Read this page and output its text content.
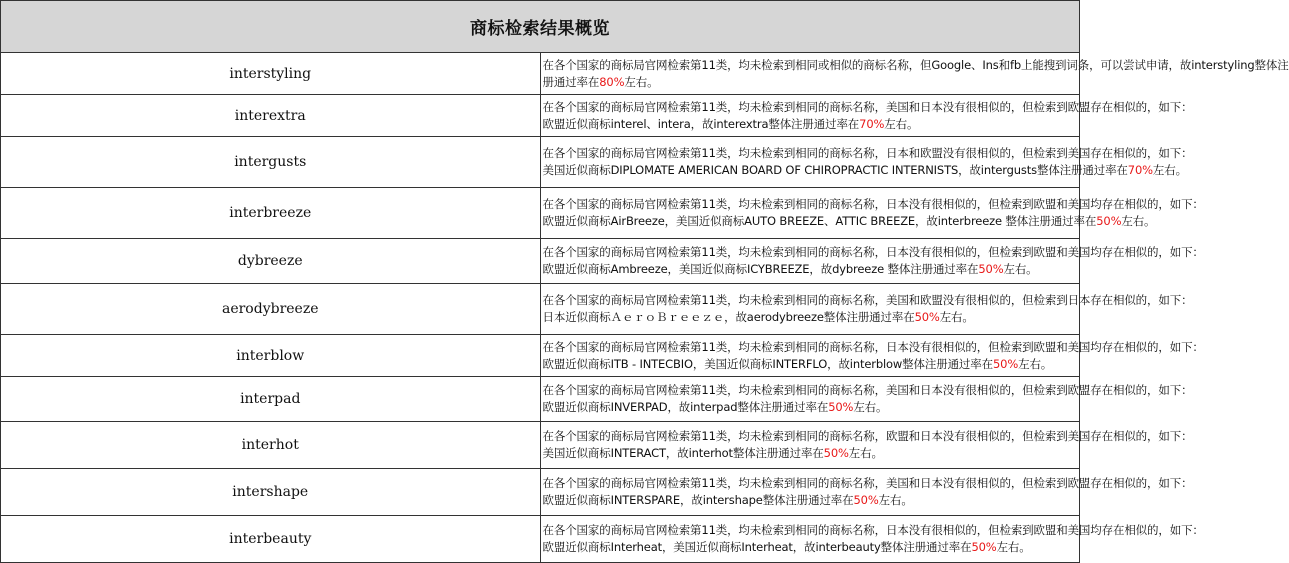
商标检索结果概览	
interstyling	在各个国家的商标局官网检索第11类，均未检索到相同或相似的商标名称，但Google、Ins和fb上能搜到词条，可以尝试申请，故interstyling整体注
册通过率在80%左右。

interextra	在各个国家的商标局官网检索第11类，均未检索到相同的商标名称，美国和日本没有很相似的，但检索到欧盟存在相似的，如下：
欧盟近似商标interel、intera，故interextra整体注册通过率在70%左右。

intergusts	在各个国家的商标局官网检索第11类，均未检索到相同的商标名称，日本和欧盟没有很相似的，但检索到美国存在相似的，如下：
美国近似商标DIPLOMATE AMERICAN BOARD OF CHIROPRACTIC INTERNISTS，故intergusts整体注册通过率在70%左右。

interbreeze	在各个国家的商标局官网检索第11类，均未检索到相同的商标名称，日本没有很相似的，但检索到欧盟和美国均存在相似的，如下：
欧盟近似商标AirBreeze，美国近似商标AUTO BREEZE、ATTIC BREEZE，故interbreeze 整体注册通过率在50%左右。

dybreeze	在各个国家的商标局官网检索第11类，均未检索到相同的商标名称，日本没有很相似的，但检索到欧盟和美国均存在相似的，如下：
欧盟近似商标Ambreeze，美国近似商标ICYBREEZE，故dybreeze 整体注册通过率在50%左右。

aerodybreeze	在各个国家的商标局官网检索第11类，均未检索到相同的商标名称，美国和欧盟没有很相似的，但检索到日本存在相似的，如下：
日本近似商标ＡｅｒｏＢｒｅｅｚｅ，故aerodybreeze整体注册通过率在50%左右。

interblow	在各个国家的商标局官网检索第11类，均未检索到相同的商标名称，日本没有很相似的，但检索到欧盟和美国均存在相似的，如下：
欧盟近似商标ITB - INTECBIO，美国近似商标INTERFLO，故interblow整体注册通过率在50%左右。

interpad	在各个国家的商标局官网检索第11类，均未检索到相同的商标名称，美国和日本没有很相似的，但检索到欧盟存在相似的，如下：
欧盟近似商标INVERPAD，故interpad整体注册通过率在50%左右。

interhot	在各个国家的商标局官网检索第11类，均未检索到相同的商标名称，欧盟和日本没有很相似的，但检索到美国存在相似的，如下：
美国近似商标INTERACT，故interhot整体注册通过率在50%左右。

intershape	在各个国家的商标局官网检索第11类，均未检索到相同的商标名称，美国和日本没有很相似的，但检索到欧盟存在相似的，如下：
欧盟近似商标INTERSPARE，故intershape整体注册通过率在50%左右。

interbeauty	在各个国家的商标局官网检索第11类，均未检索到相同的商标名称，日本没有很相似的，但检索到欧盟和美国均存在相似的，如下：
欧盟近似商标Interheat，美国近似商标Interheat，故interbeauty整体注册通过率在50%左右。
